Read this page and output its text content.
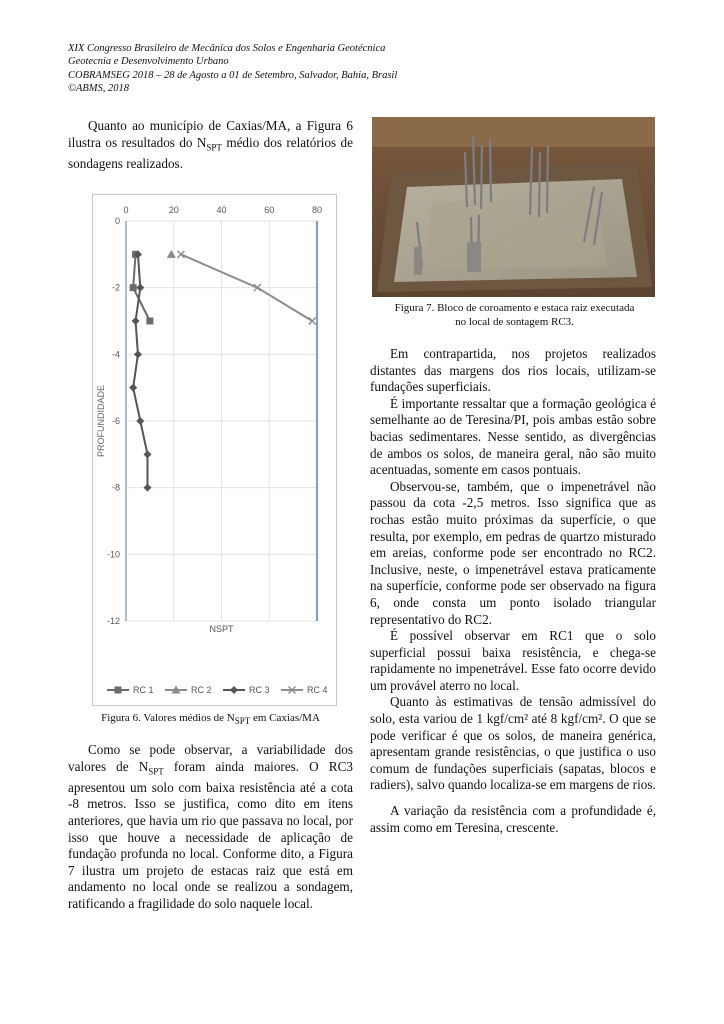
XIX Congresso Brasileiro de Mecânica dos Solos e Engenharia Geotécnica
Geotecnia e Desenvolvimento Urbano
COBRAMSEG 2018 – 28 de Agosto a 01 de Setembro, Salvador, Bahia, Brasil
©ABMS, 2018

Quanto ao município de Caxias/MA, a Figura 6 ilustra os resultados do $N_{SPT}$ médio dos relatórios de sondagens realizados.

0	20	40	60	80
0
-2
-4
-6
-8
-10
-12
NSPT
PROFUNDIDADE
RC 1	RC 2	RC 3	RC 4
Figura 6. Valores médios de $N_{SPT}$ em Caxias/MA

Como se pode observar, a variabilidade dos valores de $N_{SPT}$ foram ainda maiores. O RC3 apresentou um solo com baixa resistência até a cota -8 metros. Isso se justifica, como dito em itens anteriores, que havia um rio que passava no local, por isso que houve a necessidade de aplicação de fundação profunda no local. Conforme dito, a Figura 7 ilustra um projeto de estacas raiz que está em andamento no local onde se realizou a sondagem, ratificando a fragilidade do solo naquele local.

Figura 7. Bloco de coroamento e estaca raiz executada
no local de sontagem RC3.

Em contrapartida, nos projetos realizados distantes das margens dos rios locais, utilizam-se fundações superficiais.

É importante ressaltar que a formação geológica é semelhante ao de Teresina/PI, pois ambas estão sobre bacias sedimentares. Nesse sentido, as divergências de ambos os solos, de maneira geral, não são muito acentuadas, somente em casos pontuais.

Observou-se, também, que o impenetrável não passou da cota -2,5 metros. Isso significa que as rochas estão muito próximas da superfície, o que resulta, por exemplo, em pedras de quartzo misturado em areias, conforme pode ser encontrado no RC2. Inclusive, neste, o impenetrável estava praticamente na superfície, conforme pode ser observado na figura 6, onde consta um ponto isolado triangular representativo do RC2.

É possível observar em RC1 que o solo superficial possui baixa resistência, e chega-se rapidamente no impenetrável. Esse fato ocorre devido um provável aterro no local.

Quanto às estimativas de tensão admissível do solo, esta variou de 1 kgf/cm² até 8 kgf/cm². O que se pode verificar é que os solos, de maneira genérica, apresentam grande resistências, o que justifica o uso comum de fundações superficiais (sapatas, blocos e radiers), salvo quando localiza-se em margens de rios.

A variação da resistência com a profundidade é, assim como em Teresina, crescente.
